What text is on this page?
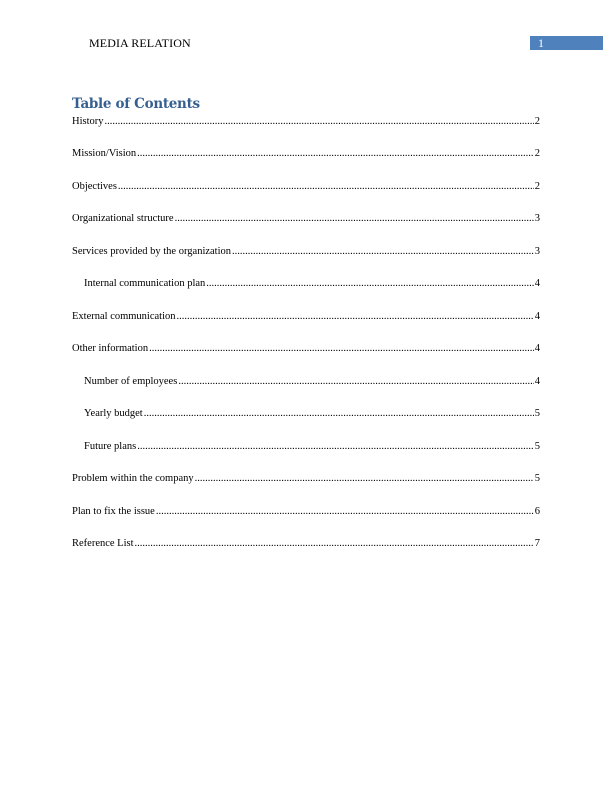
MEDIA RELATION	1
Table of Contents
History .....	2
Mission/Vision .....	2
Objectives .....	2
Organizational structure .....	3
Services provided by the organization .....	3
Internal communication plan .....	4
External communication .....	4
Other information .....	4
Number of employees .....	4
Yearly budget .....	5
Future plans .....	5
Problem within the company .....	5
Plan to fix the issue .....	6
Reference List .....	7
